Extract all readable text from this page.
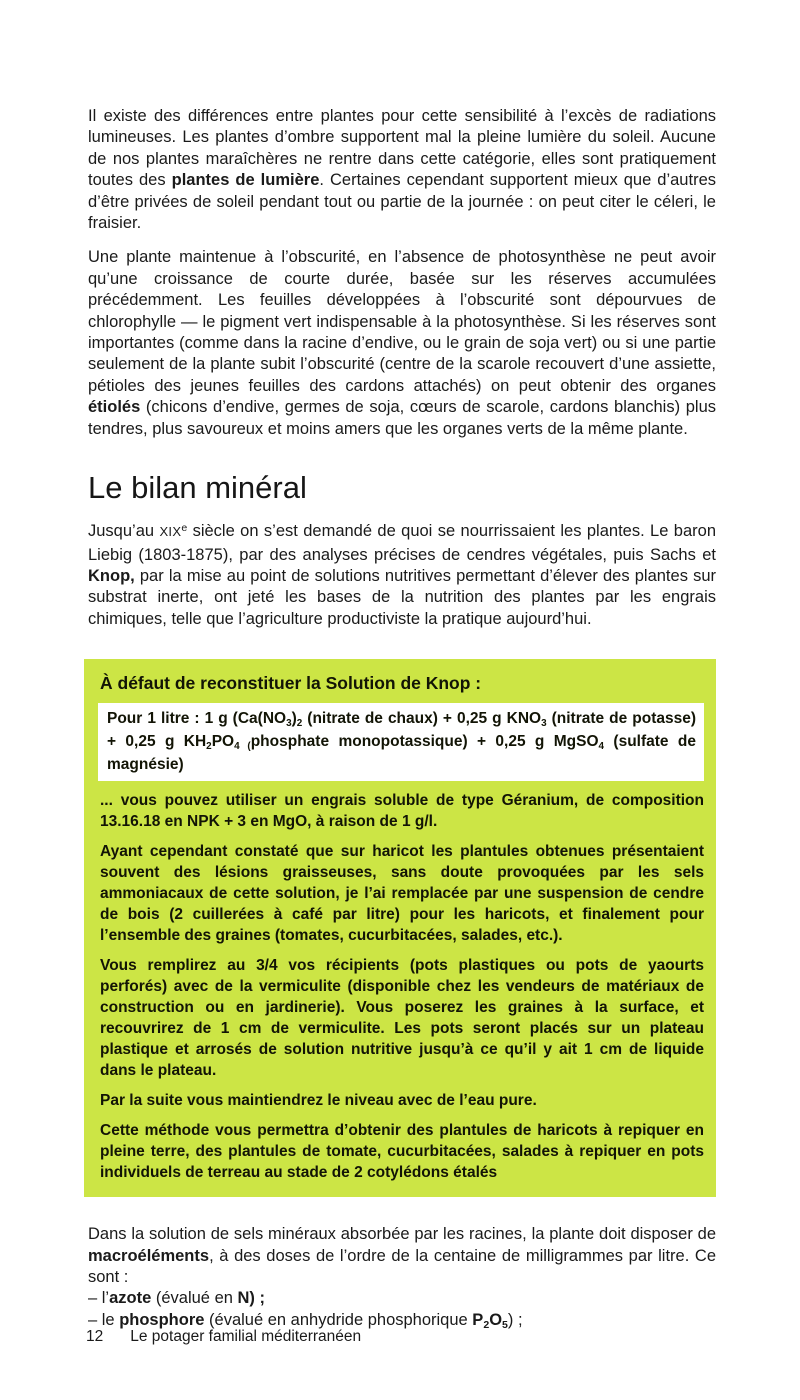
Il existe des différences entre plantes pour cette sensibilité à l’excès de radiations lumineuses. Les plantes d’ombre supportent mal la pleine lumière du soleil. Aucune de nos plantes maraîchères ne rentre dans cette catégorie, elles sont pratiquement toutes des plantes de lumière. Certaines cependant supportent mieux que d’autres d’être privées de soleil pendant tout ou partie de la journée : on peut citer le céleri, le fraisier.

Une plante maintenue à l’obscurité, en l’absence de photosynthèse ne peut avoir qu’une croissance de courte durée, basée sur les réserves accumulées précédemment. Les feuilles développées à l’obscurité sont dépourvues de chlorophylle — le pigment vert indispensable à la photosynthèse. Si les réserves sont importantes (comme dans la racine d’endive, ou le grain de soja vert) ou si une partie seulement de la plante subit l’obscurité (centre de la scarole recouvert d’une assiette, pétioles des jeunes feuilles des cardons attachés) on peut obtenir des organes étiolés (chicons d’endive, germes de soja, cœurs de scarole, cardons blanchis) plus tendres, plus savoureux et moins amers que les organes verts de la même plante.

Le bilan minéral

Jusqu’au XIXe siècle on s’est demandé de quoi se nourrissaient les plantes. Le baron Liebig (1803-1875), par des analyses précises de cendres végétales, puis Sachs et Knop, par la mise au point de solutions nutritives permettant d’élever des plantes sur substrat inerte, ont jeté les bases de la nutrition des plantes par les engrais chimiques, telle que l’agriculture productiviste la pratique aujourd’hui.

À défaut de reconstituer la Solution de Knop :
Pour 1 litre : 1 g (Ca(NO3)2 (nitrate de chaux) + 0,25 g KNO3 (nitrate de potasse) + 0,25 g KH2PO4 (phosphate monopotassique) + 0,25 g MgSO4 (sulfate de magnésie)

... vous pouvez utiliser un engrais soluble de type Géranium, de composition 13.16.18 en NPK + 3 en MgO, à raison de 1 g/l.

Ayant cependant constaté que sur haricot les plantules obtenues présentaient souvent des lésions graisseuses, sans doute provoquées par les sels ammoniacaux de cette solution, je l’ai remplacée par une suspension de cendre de bois (2 cuillerées à café par litre) pour les haricots, et finalement pour l’ensemble des graines (tomates, cucurbitacées, salades, etc.).

Vous remplirez au 3/4 vos récipients (pots plastiques ou pots de yaourts perforés) avec de la vermiculite (disponible chez les vendeurs de matériaux de construction ou en jardinerie). Vous poserez les graines à la surface, et recouvrirez de 1 cm de vermiculite. Les pots seront placés sur un plateau plastique et arrosés de solution nutritive jusqu’à ce qu’il y ait 1 cm de liquide dans le plateau.

Par la suite vous maintiendrez le niveau avec de l’eau pure.

Cette méthode vous permettra d’obtenir des plantules de haricots à repiquer en pleine terre, des plantules de tomate, cucurbitacées, salades à repiquer en pots individuels de terreau au stade de 2 cotylédons étalés

Dans la solution de sels minéraux absorbée par les racines, la plante doit disposer de macroéléments, à des doses de l’ordre de la centaine de milligrammes par litre. Ce sont :

– l’azote (évalué en N) ;

– le phosphore (évalué en anhydride phosphorique P2O5) ;

12 Le potager familial méditerranéen
